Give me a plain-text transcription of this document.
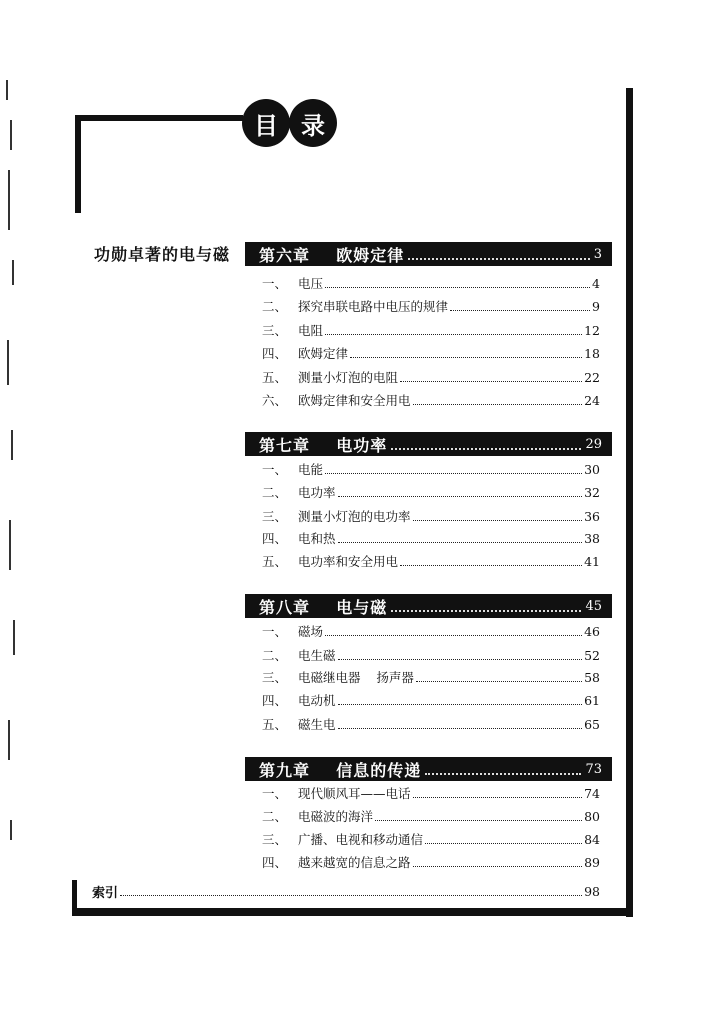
目 录
功勋卓著的电与磁	第六章    欧姆定律	3
一、 电压	4
二、 探究串联电路中电压的规律	9
三、 电阻	12
四、 欧姆定律	18
五、 测量小灯泡的电阻	22
六、 欧姆定律和安全用电	24
第七章    电功率	29
一、 电能	30
二、 电功率	32
三、 测量小灯泡的电功率	36
四、 电和热	38
五、 电功率和安全用电	41
第八章    电与磁	45
一、 磁场	46
二、 电生磁	52
三、 电磁继电器    扬声器	58
四、 电动机	61
五、 磁生电	65
第九章    信息的传递	73
一、 现代顺风耳——电话	74
二、 电磁波的海洋	80
三、 广播、电视和移动通信	84
四、 越来越宽的信息之路	89
索引	98
